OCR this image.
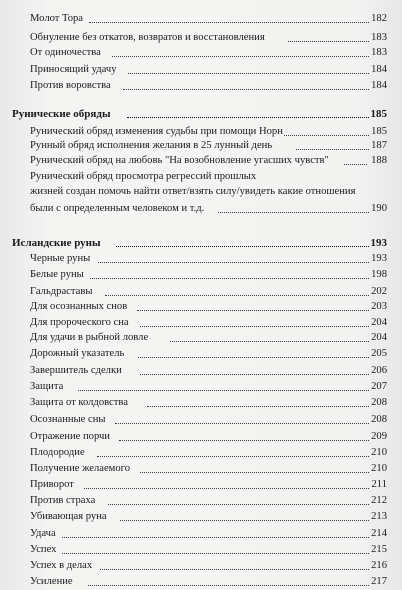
Молот Тора	182
Обнуление без откатов, возвратов и восстановления	183
От одиночества	183
Приносящий удачу	184
Против воровства	184
Рунические обряды	185
Рунический обряд изменения судьбы при помощи Норн	185
Рунный обряд исполнения желания в 25 лунный день	187
Рунический обряд на любовь "На возобновление угасших чувств"	188
Рунический обряд просмотра регрессий прошлых
жизней создан помочь найти ответ/взять силу/увидеть какие отношения
были с определенным человеком и т.д.	190
Исландские руны	193
Черные руны	193
Белые руны	198
Гальдраставы	202
Для осознанных снов	203
Для пророческого сна	204
Для удачи в рыбной ловле	204
Дорожный указатель	205
Завершитель сделки	206
Защита	207
Защита от колдовства	208
Осознанные сны	208
Отражение порчи	209
Плодородие	210
Получение желаемого	210
Приворот	211
Против страха	212
Убивающая руна	213
Удача	214
Успех	215
Успех в делах	216
Усиление	217
